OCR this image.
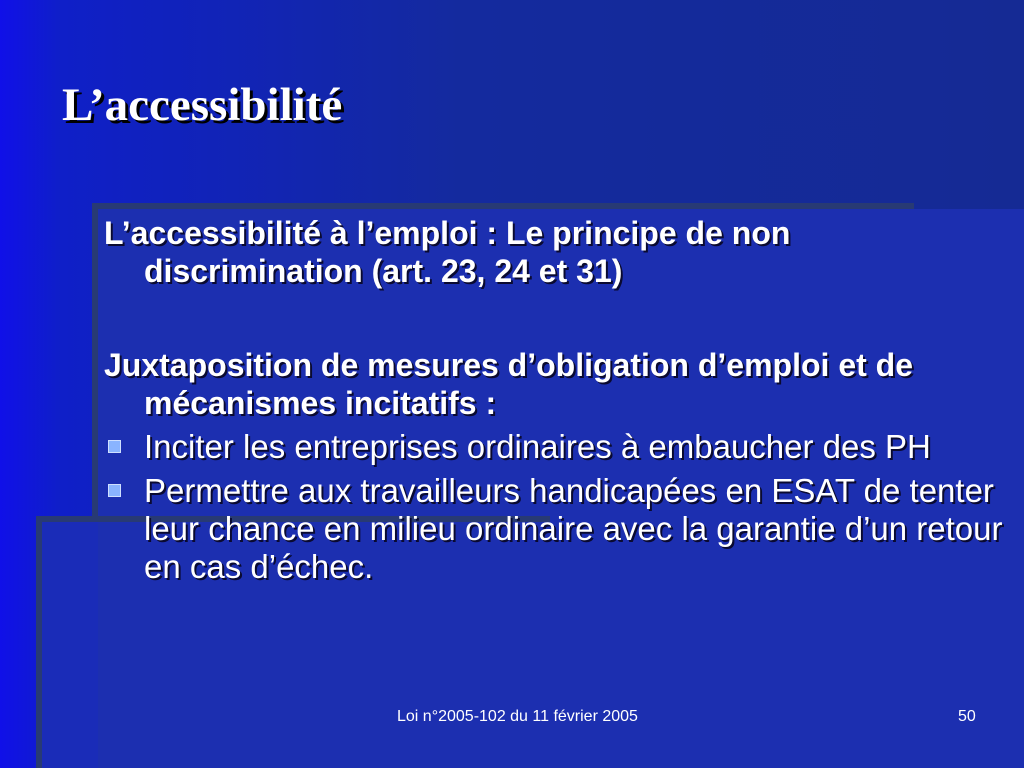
L’accessibilité

L’accessibilité à l’emploi : Le principe de non discrimination (art. 23, 24 et 31)

Juxtaposition de mesures d’obligation d’emploi et de mécanismes incitatifs :

Inciter les entreprises ordinaires à embaucher des PH
Permettre aux travailleurs handicapées en ESAT de tenter leur chance en milieu ordinaire avec la garantie d’un retour en cas d’échec.
Loi n°2005-102 du 11 février 2005	50
